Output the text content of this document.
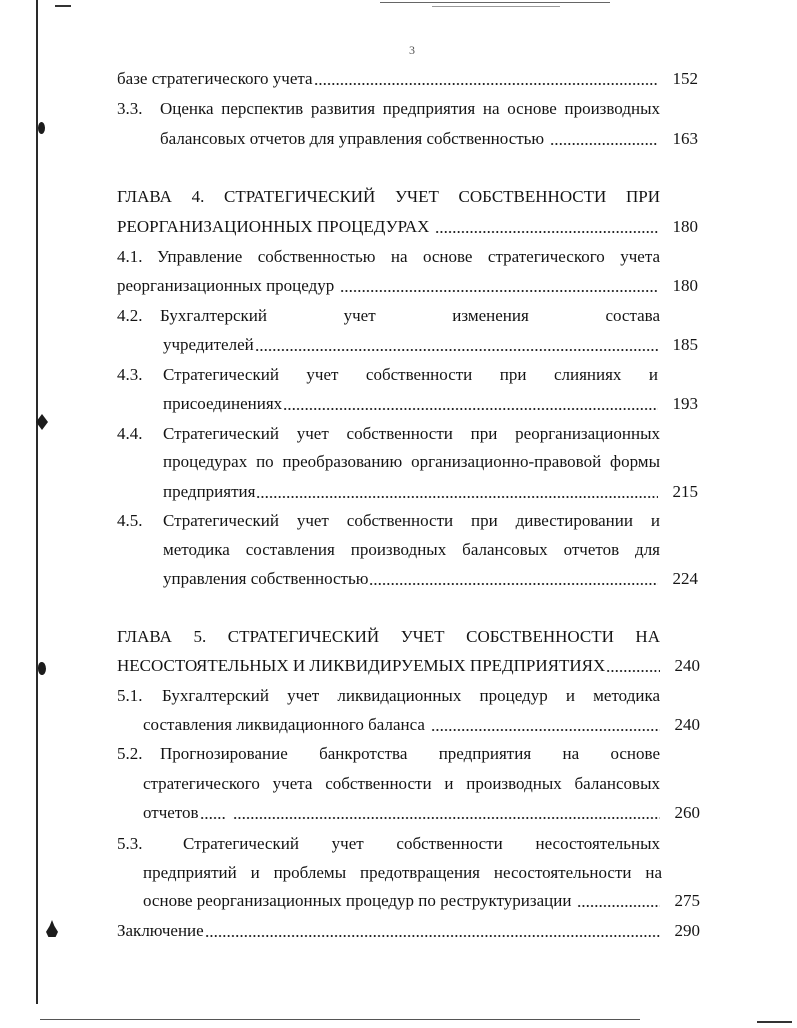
3
базе стратегического учета	152
3.3.	Оценка перспектив развития предприятия на основе производных
балансовых отчетов для управления собственностью	163
ГЛАВА 4. СТРАТЕГИЧЕСКИЙ УЧЕТ СОБСТВЕННОСТИ ПРИ
РЕОРГАНИЗАЦИОННЫХ ПРОЦЕДУРАХ	180
4.1. Управление собственностью на основе стратегического учета
реорганизационных процедур	180
4.2.	Бухгалтерский учет изменения состава
учредителей	185
4.3.	Стратегический учет собственности при слияниях и
присоединениях	193
4.4.	Стратегический учет собственности при реорганизационных
процедурах по преобразованию организационно-правовой формы
предприятия	215
4.5.	Стратегический учет собственности при дивестировании и
методика составления производных балансовых отчетов для
управления собственностью	224
ГЛАВА 5. СТРАТЕГИЧЕСКИЙ УЧЕТ СОБСТВЕННОСТИ НА
НЕСОСТОЯТЕЛЬНЫХ И ЛИКВИДИРУЕМЫХ ПРЕДПРИЯТИЯХ	240
5.1.	Бухгалтерский учет ликвидационных процедур и методика
составления ликвидационного баланса	240
5.2.	Прогнозирование банкротства предприятия на основе
стратегического учета собственности и производных балансовых
отчетов	260
5.3.	Стратегический учет собственности несостоятельных
предприятий и проблемы предотвращения несостоятельности на
основе реорганизационных процедур по реструктуризации	275
Заключение	290
